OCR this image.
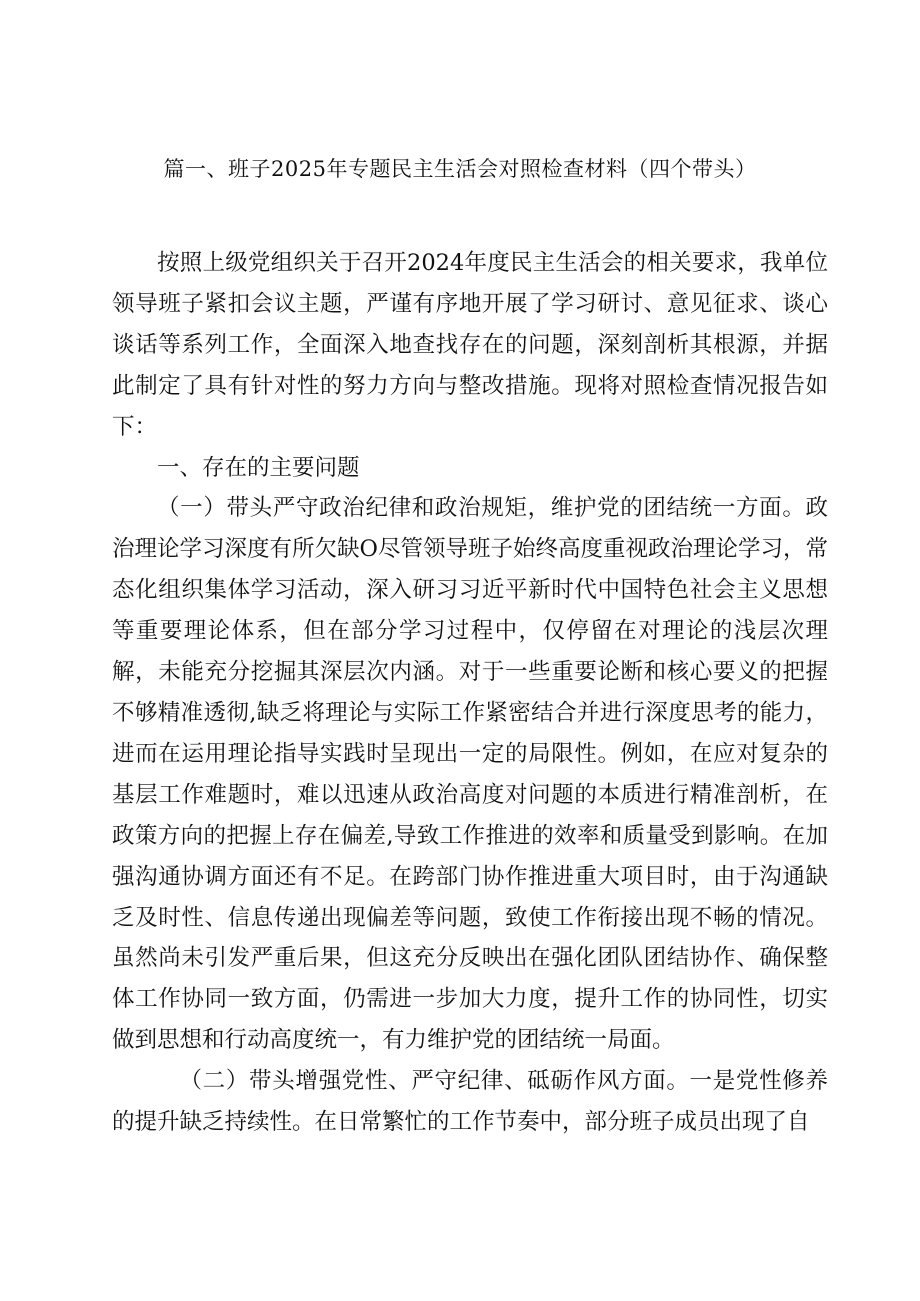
篇一、班子2025年专题民主生活会对照检查材料（四个带头）

按照上级党组织关于召开2024年度民主生活会的相关要求，我单位领导班子紧扣会议主题，严谨有序地开展了学习研讨、意见征求、谈心谈话等系列工作，全面深入地查找存在的问题，深刻剖析其根源，并据此制定了具有针对性的努力方向与整改措施。现将对照检查情况报告如下：

一、存在的主要问题

（一）带头严守政治纪律和政治规矩，维护党的团结统一方面。政治理论学习深度有所欠缺O尽管领导班子始终高度重视政治理论学习，常态化组织集体学习活动，深入研习习近平新时代中国特色社会主义思想等重要理论体系，但在部分学习过程中，仅停留在对理论的浅层次理解，未能充分挖掘其深层次内涵。对于一些重要论断和核心要义的把握不够精准透彻,缺乏将理论与实际工作紧密结合并进行深度思考的能力，进而在运用理论指导实践时呈现出一定的局限性。例如，在应对复杂的基层工作难题时，难以迅速从政治高度对问题的本质进行精准剖析，在政策方向的把握上存在偏差,导致工作推进的效率和质量受到影响。在加强沟通协调方面还有不足。在跨部门协作推进重大项目时，由于沟通缺乏及时性、信息传递出现偏差等问题，致使工作衔接出现不畅的情况。虽然尚未引发严重后果，但这充分反映出在强化团队团结协作、确保整体工作协同一致方面，仍需进一步加大力度，提升工作的协同性，切实做到思想和行动高度统一，有力维护党的团结统一局面。

（二）带头增强党性、严守纪律、砥砺作风方面。一是党性修养的提升缺乏持续性。在日常繁忙的工作节奏中，部分班子成员出现了自
